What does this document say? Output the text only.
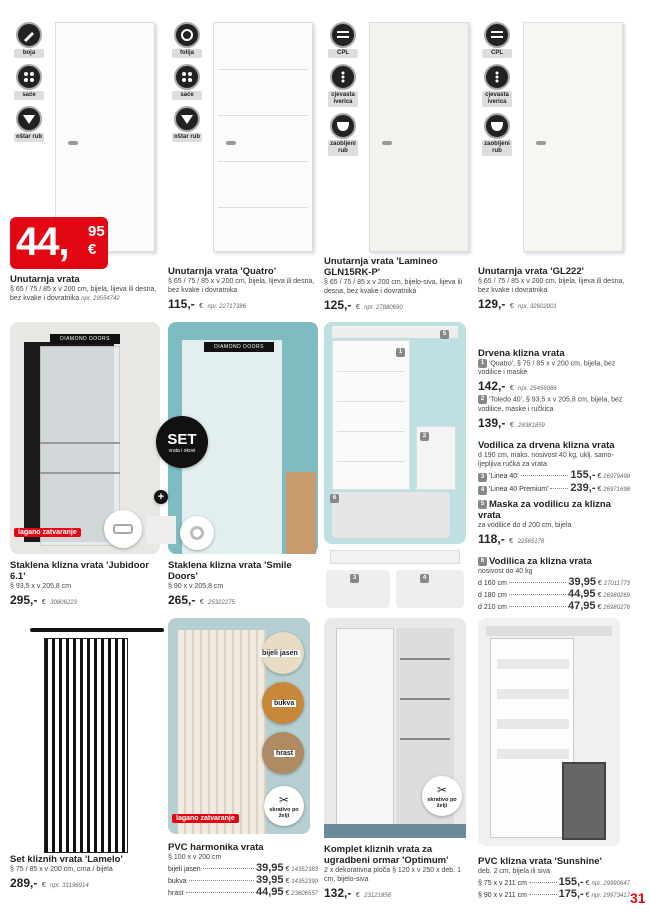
boja
saće
oštar rub
44, 95
€
Unutarnja vrata
§ 65 / 75 / 85 x v 200 cm, bijela, lijeva ili desna, bez kvake i dovratnika npr. 29554742
folija
saće
oštar rub
Unutarnja vrata 'Quatro'
§ 65 / 75 / 85 x v 200 cm, bijela, lijeva ili desna, bez kvake i dovratnika
115,- € npr. 22717386
CPL
cjevasta iverica
zaobljeni rub
Unutarnja vrata 'Lamineo GLN15RK-P'
§ 65 / 75 / 85 x v 200 cm, bijelo-siva, lijeva ili desna, bez kvake i dovratnika
125,- € npr. 27880690
CPL
cjevasta iverica
zaobljeni rub
Unutarnja vrata 'GL222'
§ 65 / 75 / 85 x v 200 cm, bijela, lijeva ili desna, bez kvake i dovratnika
129,- € npr. 32602001
DIAMOND DOORS
lagano zatvaranje
Staklena klizna vrata 'Jubidoor 6.1'
§ 93,5 x v 205,8 cm
295,- € 30806223
DIAMOND DOORS
SET
vrata i okovi
+
Staklena klizna vrata 'Smile Doors'
§ 90 x v 205,8 cm
265,- € 25322275
1
5
2
6
3	4
Drvena klizna vrata
1 'Quatro', § 75 / 85 x v 200 cm, bijela, bez vodilice i maske
142,- € npr. 25456086
2 'Toledo 40', § 93,5 x v 205,8 cm, bijela, bez vodilice, maske i ručkica
139,- € 28381859
Vodilica za drvena klizna vrata
d 190 cm, maks. nosivost 40 kg, uklj. samo-ljepljiva ručka za vrata
3 'Linea 40'	155,-
€
26979498
4 'Linea 40 Premium' 239,-
€
26971698
5 Maska za vodilicu za klizna vrata
za vodilice do d 200 cm, bijela
118,- € 22565178
6 Vodilica za klizna vrata
nosivost do 40 kg
d 160 cm	39,95
€
27011773
d 180 cm	44,95
€
26980269
d 210 cm	47,95
€
26980278
Set kliznih vrata 'Lamelo'
§ 75 / 85 x v 200 cm, crna / bijela
289,- € npr. 33196914
lagano zatvaranje
bijeli jasen
bukva
hrast
✂
skrativo po želji
PVC harmonika vrata
§ 100 x v 200 cm
bijeli jasen	39,95
€
14352383
bukva	39,95
€
14352390
hrast	44,95
€
23606557
✂
skrativo po želji
Komplet kliznih vrata za ugradbeni ormar 'Optimum'
2 x dekorativna ploča § 120 x v 250 x deb. 1 cm, bijelo-siva
132,- € 23121856
PVC klizna vrata 'Sunshine'
deb. 2 cm, bijela ili siva
§ 75 x v 211 cm	155,-
€
npr. 29990647
§ 90 x v 211 cm	175,-
€
npr. 29973417 31
